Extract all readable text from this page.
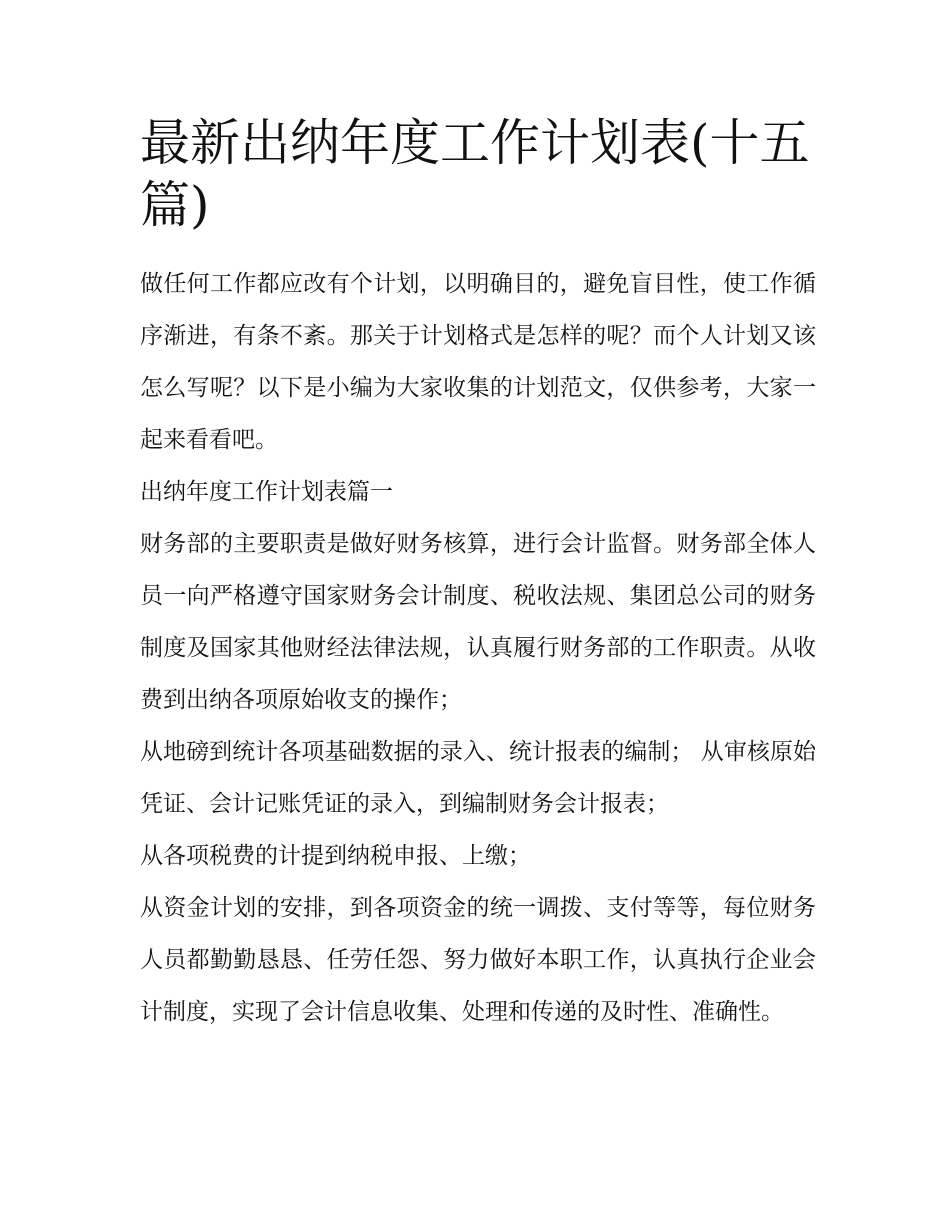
最新出纳年度工作计划表(十五篇)

做任何工作都应改有个计划，以明确目的，避免盲目性，使工作循序渐进，有条不紊。那关于计划格式是怎样的呢？而个人计划又该怎么写呢？以下是小编为大家收集的计划范文，仅供参考，大家一起来看看吧。

出纳年度工作计划表篇一

财务部的主要职责是做好财务核算，进行会计监督。财务部全体人员一向严格遵守国家财务会计制度、税收法规、集团总公司的财务制度及国家其他财经法律法规，认真履行财务部的工作职责。从收费到出纳各项原始收支的操作；

从地磅到统计各项基础数据的录入、统计报表的编制； 从审核原始凭证、会计记账凭证的录入，到编制财务会计报表；

从各项税费的计提到纳税申报、上缴；

从资金计划的安排，到各项资金的统一调拨、支付等等，每位财务人员都勤勤恳恳、任劳任怨、努力做好本职工作，认真执行企业会计制度，实现了会计信息收集、处理和传递的及时性、准确性。
